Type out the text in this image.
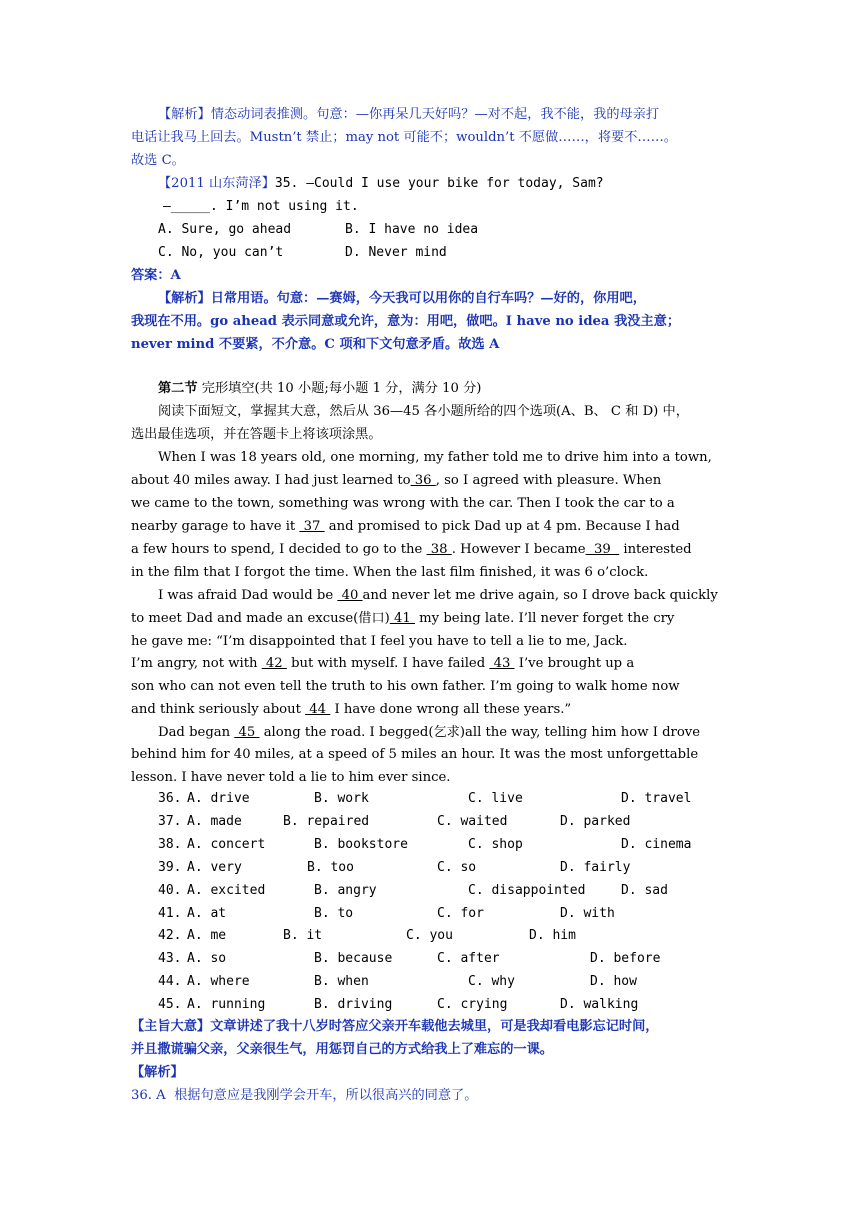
【解析】情态动词表推测。句意：—你再呆几天好吗？—对不起，我不能，我的母亲打
电话让我马上回去。Mustn’t 禁止；may not 可能不；wouldn’t 不愿做……，将要不……。
故选 C。
【2011 山东菏泽】35. —Could I use your bike for today, Sam?
—_____. I’m not using it.
A. Sure, go ahead	B. I have no idea
C. No, you can’t	D. Never mind
答案：A
【解析】日常用语。句意：—赛姆，今天我可以用你的自行车吗？—好的，你用吧，
我现在不用。go ahead 表示同意或允许，意为：用吧，做吧。I have no idea 我没主意；
never mind 不要紧，不介意。C 项和下文句意矛盾。故选 A
第二节 完形填空(共 10 小题;每小题 1 分，满分 10 分)
阅读下面短文，掌握其大意，然后从 36—45 各小题所给的四个选项(A、B、 C 和 D) 中，
选出最佳选项，并在答题卡上将该项涂黑。
When I was 18 years old, one morning, my father told me to drive him into a town,
about 40 miles away. I had just learned to 36 , so I agreed with pleasure. When
we came to the town, something was wrong with the car. Then I took the car to a
nearby garage to have it  37  and promised to pick Dad up at 4 pm. Because I had
a few hours to spend, I decided to go to the  38 . However I became  39   interested
in the film that I forgot the time. When the last film finished, it was 6 o’clock.
I was afraid Dad would be  40 and never let me drive again, so I drove back quickly
to meet Dad and made an excuse(借口) 41  my being late. I’ll never forget the cry
he gave me: “I’m disappointed that I feel you have to tell a lie to me, Jack.
I’m angry, not with  42  but with myself. I have failed  43  I’ve brought up a
son who can not even tell the truth to his own father. I’m going to walk home now
and think seriously about  44  I have done wrong all these years.”
Dad began  45  along the road. I begged(乞求)all the way, telling him how I drove
behind him for 40 miles, at a speed of 5 miles an hour. It was the most unforgettable
lesson. I have never told a lie to him ever since.
36. A. drive	B. work	C. live	D. travel
37. A. made	B. repaired	C. waited	D. parked
38. A. concert	B. bookstore	C. shop	D. cinema
39. A. very	B. too	C. so	D. fairly
40. A. excited	B. angry	C. disappointed	D. sad
41. A. at	B. to	C. for	D. with
42. A. me	B. it	C. you	D. him
43. A. so	B. because	C. after	D. before
44. A. where	B. when	C. why	D. how
45. A. running	B. driving	C. crying	D. walking
【主旨大意】文章讲述了我十八岁时答应父亲开车载他去城里，可是我却看电影忘记时间，
并且撒谎骗父亲，父亲很生气，用惩罚自己的方式给我上了难忘的一课。
【解析】
36. A  根据句意应是我刚学会开车，所以很高兴的同意了。
